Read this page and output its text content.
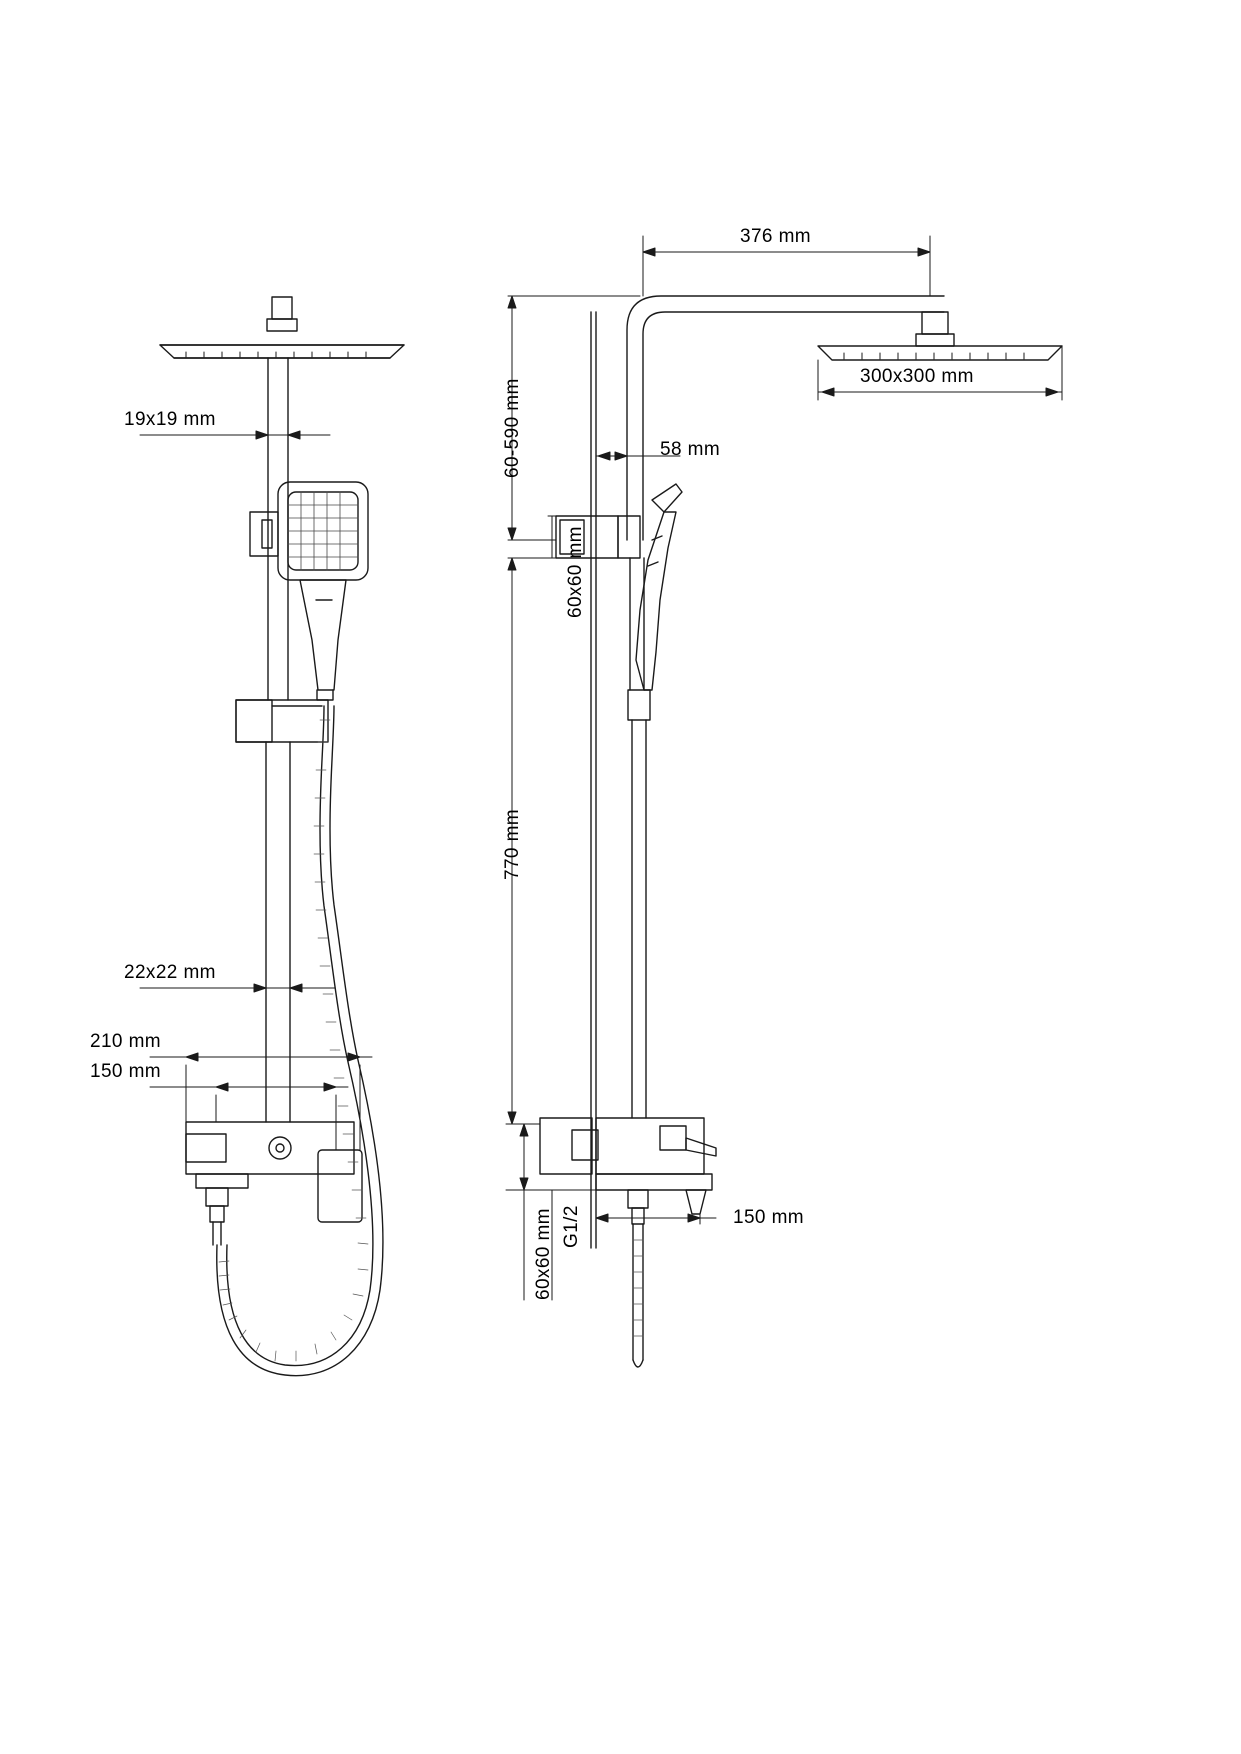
19x19 mm
22x22 mm
210 mm
150 mm
376 mm
300x300 mm
60-590 mm	58 mm
60x60 mm
770 mm
60x60 mm G1/2	150 mm
